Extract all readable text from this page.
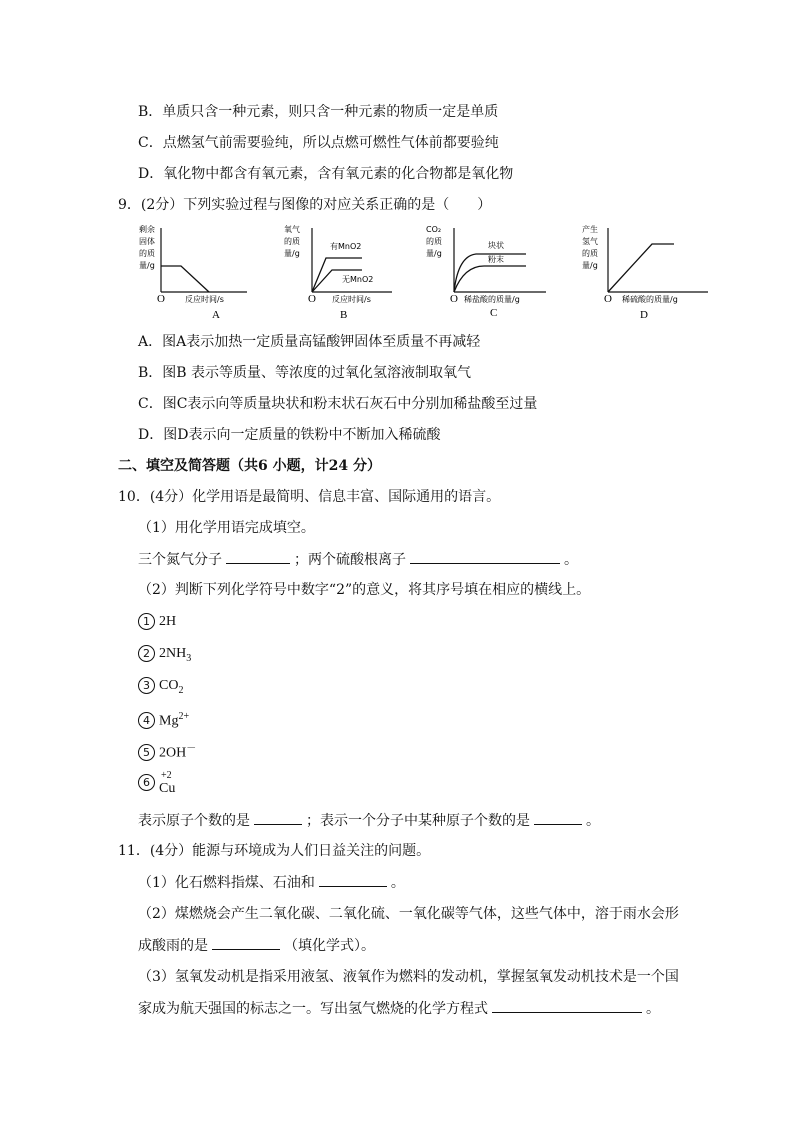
B．单质只含一种元素，则只含一种元素的物质一定是单质
C．点燃氢气前需要验纯，所以点燃可燃性气体前都要验纯
D．氧化物中都含有氧元素，含有氧元素的化合物都是氧化物
9．(2分）下列实验过程与图像的对应关系正确的是（　　）
剩余
固体
的质
量/g
O	反应时间/s
A
氧气
的质
量/g
有MnO2
无MnO2
O 反应时间/s
B
CO₂
的质
量/g
块状
粉末
O 稀盐酸的质量/g
C
产生
氢气
的质
量/g
O 稀硫酸的质量/g
D
A．图A表示加热一定质量高锰酸钾固体至质量不再减轻
B．图B 表示等质量、等浓度的过氧化氢溶液制取氧气
C．图C表示向等质量块状和粉末状石灰石中分别加稀盐酸至过量
D．图D表示向一定质量的铁粉中不断加入稀硫酸
二、填空及简答题（共6 小题，计24 分）
10．(4分）化学用语是最简明、信息丰富、国际通用的语言。
（1）用化学用语完成填空。
三个氮气分子	；两个硫酸根离子	。
（2）判断下列化学符号中数字“2”的意义，将其序号填在相应的横线上。
1 2H
2 $2NH_3$
3 $CO_2$
4 $Mg^{2+}$
5 2OH－
6 +2
Cu
表示原子个数的是	；表示一个分子中某种原子个数的是	。
11．(4分）能源与环境成为人们日益关注的问题。
（1）化石燃料指煤、石油和	。
（2）煤燃烧会产生二氧化碳、二氧化硫、一氧化碳等气体，这些气体中，溶于雨水会形
成酸雨的是	（填化学式）。
（3）氢氧发动机是指采用液氢、液氧作为燃料的发动机，掌握氢氧发动机技术是一个国
家成为航天强国的标志之一。写出氢气燃烧的化学方程式	。
